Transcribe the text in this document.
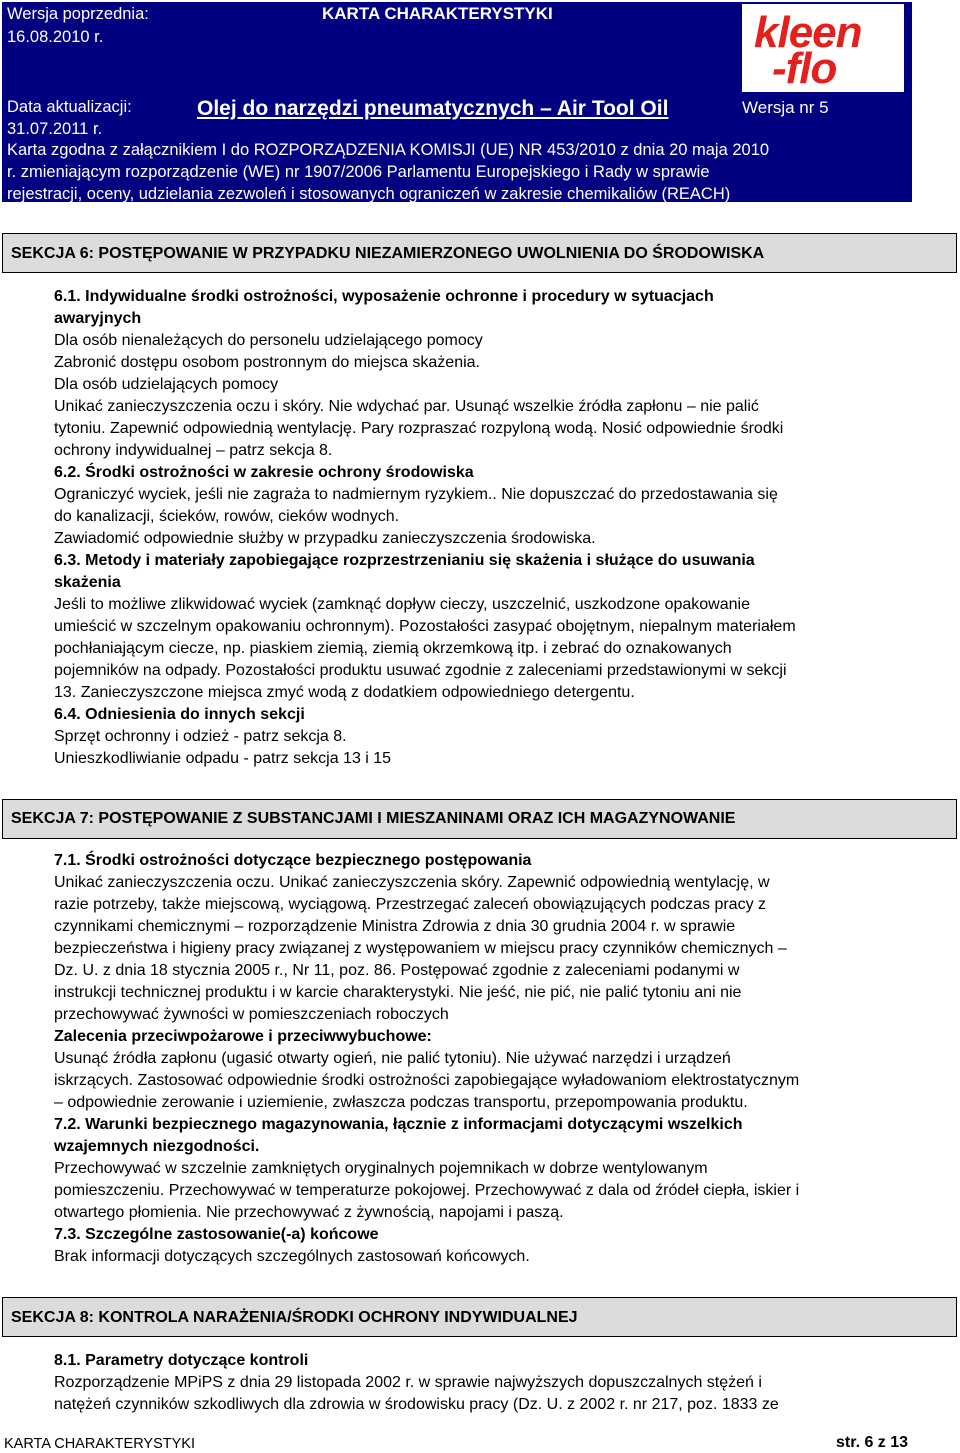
Wersja poprzednia:
16.08.2010 r.
KARTA CHARAKTERYSTYKI	kleen
-flo
Data aktualizacji:
31.07.2011 r.
Olej do narzędzi pneumatycznych – Air Tool Oil	Wersja nr 5
Karta zgodna z załącznikiem I do ROZPORZĄDZENIA KOMISJI (UE) NR 453/2010 z dnia 20 maja 2010
r. zmieniającym rozporządzenie (WE) nr 1907/2006 Parlamentu Europejskiego i Rady w sprawie
rejestracji, oceny, udzielania zezwoleń i stosowanych ograniczeń w zakresie chemikaliów (REACH)
SEKCJA 6: POSTĘPOWANIE W PRZYPADKU NIEZAMIERZONEGO UWOLNIENIA DO ŚRODOWISKA

6.1. Indywidualne środki ostrożności, wyposażenie ochronne i procedury w sytuacjach

awaryjnych

Dla osób nienależących do personelu udzielającego pomocy

Zabronić dostępu osobom postronnym do miejsca skażenia.

Dla osób udzielających pomocy

Unikać zanieczyszczenia oczu i skóry. Nie wdychać par. Usunąć wszelkie źródła zapłonu – nie palić

tytoniu. Zapewnić odpowiednią wentylację. Pary rozpraszać rozpyloną wodą. Nosić odpowiednie środki

ochrony indywidualnej – patrz sekcja 8.

6.2. Środki ostrożności w zakresie ochrony środowiska

Ograniczyć wyciek, jeśli nie zagraża to nadmiernym ryzykiem.. Nie dopuszczać do przedostawania się

do kanalizacji, ścieków, rowów, cieków wodnych.

Zawiadomić odpowiednie służby w przypadku zanieczyszczenia środowiska.

6.3. Metody i materiały zapobiegające rozprzestrzenianiu się skażenia i służące do usuwania

skażenia

Jeśli to możliwe zlikwidować wyciek (zamknąć dopływ cieczy, uszczelnić, uszkodzone opakowanie

umieścić w szczelnym opakowaniu ochronnym). Pozostałości zasypać obojętnym, niepalnym materiałem

pochłaniającym ciecze, np. piaskiem ziemią, ziemią okrzemkową itp. i zebrać do oznakowanych

pojemników na odpady. Pozostałości produktu usuwać zgodnie z zaleceniami przedstawionymi w sekcji

13. Zanieczyszczone miejsca zmyć wodą z dodatkiem odpowiedniego detergentu.

6.4. Odniesienia do innych sekcji

Sprzęt ochronny i odzież - patrz sekcja 8.

Unieszkodliwianie odpadu - patrz sekcja 13 i 15

SEKCJA 7: POSTĘPOWANIE Z SUBSTANCJAMI I MIESZANINAMI ORAZ ICH MAGAZYNOWANIE

7.1. Środki ostrożności dotyczące bezpiecznego postępowania

Unikać zanieczyszczenia oczu. Unikać zanieczyszczenia skóry. Zapewnić odpowiednią wentylację, w

razie potrzeby, także miejscową, wyciągową. Przestrzegać zaleceń obowiązujących podczas pracy z

czynnikami chemicznymi – rozporządzenie Ministra Zdrowia z dnia 30 grudnia 2004 r. w sprawie

bezpieczeństwa i higieny pracy związanej z występowaniem w miejscu pracy czynników chemicznych –

Dz. U. z dnia 18 stycznia 2005 r., Nr 11, poz. 86. Postępować zgodnie z zaleceniami podanymi w

instrukcji technicznej produktu i w karcie charakterystyki. Nie jeść, nie pić, nie palić tytoniu ani nie

przechowywać żywności w pomieszczeniach roboczych

Zalecenia przeciwpożarowe i przeciwwybuchowe:

Usunąć źródła zapłonu (ugasić otwarty ogień, nie palić tytoniu). Nie używać narzędzi i urządzeń

iskrzących. Zastosować odpowiednie środki ostrożności zapobiegające wyładowaniom elektrostatycznym

– odpowiednie zerowanie i uziemienie, zwłaszcza podczas transportu, przepompowania produktu.

7.2. Warunki bezpiecznego magazynowania, łącznie z informacjami dotyczącymi wszelkich

wzajemnych niezgodności.

Przechowywać w szczelnie zamkniętych oryginalnych pojemnikach w dobrze wentylowanym

pomieszczeniu. Przechowywać w temperaturze pokojowej. Przechowywać z dala od źródeł ciepła, iskier i

otwartego płomienia. Nie przechowywać z żywnością, napojami i paszą.

7.3. Szczególne zastosowanie(-a) końcowe

Brak informacji dotyczących szczególnych zastosowań końcowych.

SEKCJA 8: KONTROLA NARAŻENIA/ŚRODKI OCHRONY INDYWIDUALNEJ

8.1. Parametry dotyczące kontroli

Rozporządzenie MPiPS z dnia 29 listopada 2002 r. w sprawie najwyższych dopuszczalnych stężeń i

natężeń czynników szkodliwych dla zdrowia w środowisku pracy (Dz. U. z 2002 r. nr 217, poz. 1833 ze

KARTA CHARAKTERYSTYKI	str. 6 z 13
